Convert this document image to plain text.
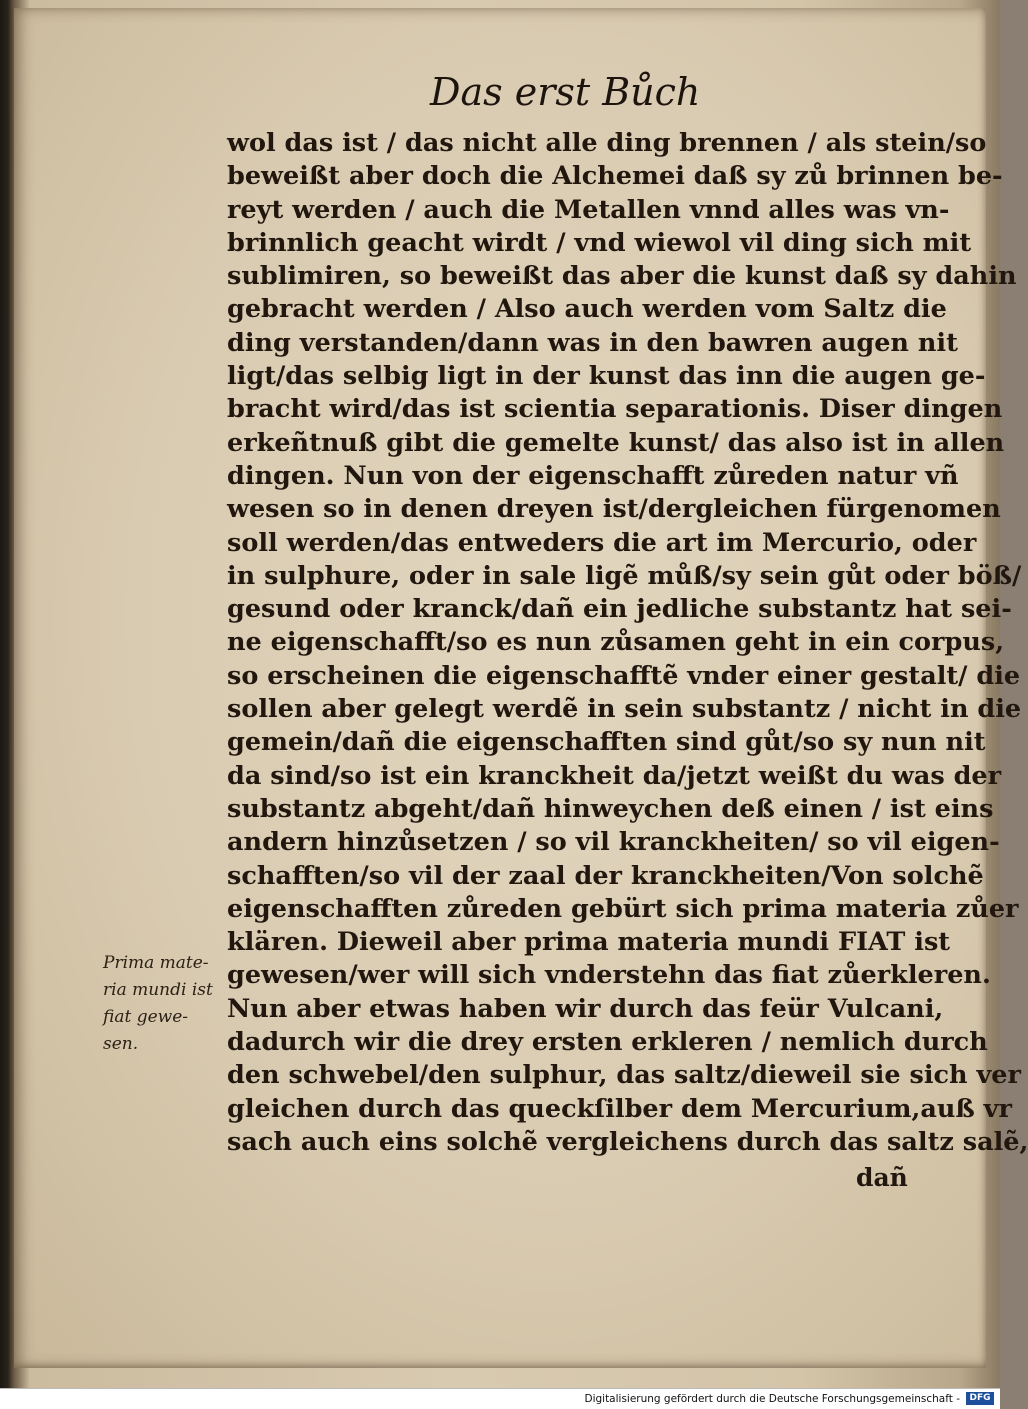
Das erst Bůch
wol das ist / das nicht alle ding brennen / als stein/so
beweißt aber doch die Alchemei daß sy zů brinnen be-
reyt werden / auch die Metallen vnnd alles was vn-
brinnlich geacht wirdt / vnd wiewol vil ding sich mit
sublimiren, so beweißt das aber die kunst daß sy dahin
gebracht werden / Also auch werden vom Saltz die
ding verstanden/dann was in den bawren augen nit
ligt/das selbig ligt in der kunst das inn die augen ge-
bracht wird/das ist scientia separationis. Diser dingen
erkeñtnuß gibt die gemelte kunst/ das also ist in allen
dingen. Nun von der eigenschafft zůreden natur vñ
wesen so in denen dreyen ist/dergleichen fürgenomen
soll werden/das entweders die art im Mercurio, oder
in sulphure, oder in sale ligẽ můß/sy sein gůt oder böß/
gesund oder kranck/dañ ein jedliche substantz hat sei-
ne eigenschafft/so es nun zůsamen geht in ein corpus,
so erscheinen die eigenschafftẽ vnder einer gestalt/ die
sollen aber gelegt werdẽ in sein substantz / nicht in die
gemein/dañ die eigenschafften sind gůt/so sy nun nit
da sind/so ist ein kranckheit da/jetzt weißt du was der
substantz abgeht/dañ hinweychen deß einen / ist eins
andern hinzůsetzen / so vil kranckheiten/ so vil eigen-
schafften/so vil der zaal der kranckheiten/Von solchẽ
eigenschafften zůreden gebürt sich prima materia zůer
klären. Dieweil aber prima materia mundi FIAT ist
gewesen/wer will sich vnderstehn das fiat zůerkleren.
Nun aber etwas haben wir durch das feür Vulcani,
dadurch wir die drey ersten erkleren / nemlich durch
den schwebel/den sulphur, das saltz/dieweil sie sich ver
gleichen durch das queckſilber dem Mercurium,auß vr
sach auch eins solchẽ vergleichens durch das saltz salẽ,
dañ
Prima mate-
ria mundi ist
fiat gewe-
sen.
Digitalisierung gefördert durch die Deutsche Forschungsgemeinschaft -	DFG
